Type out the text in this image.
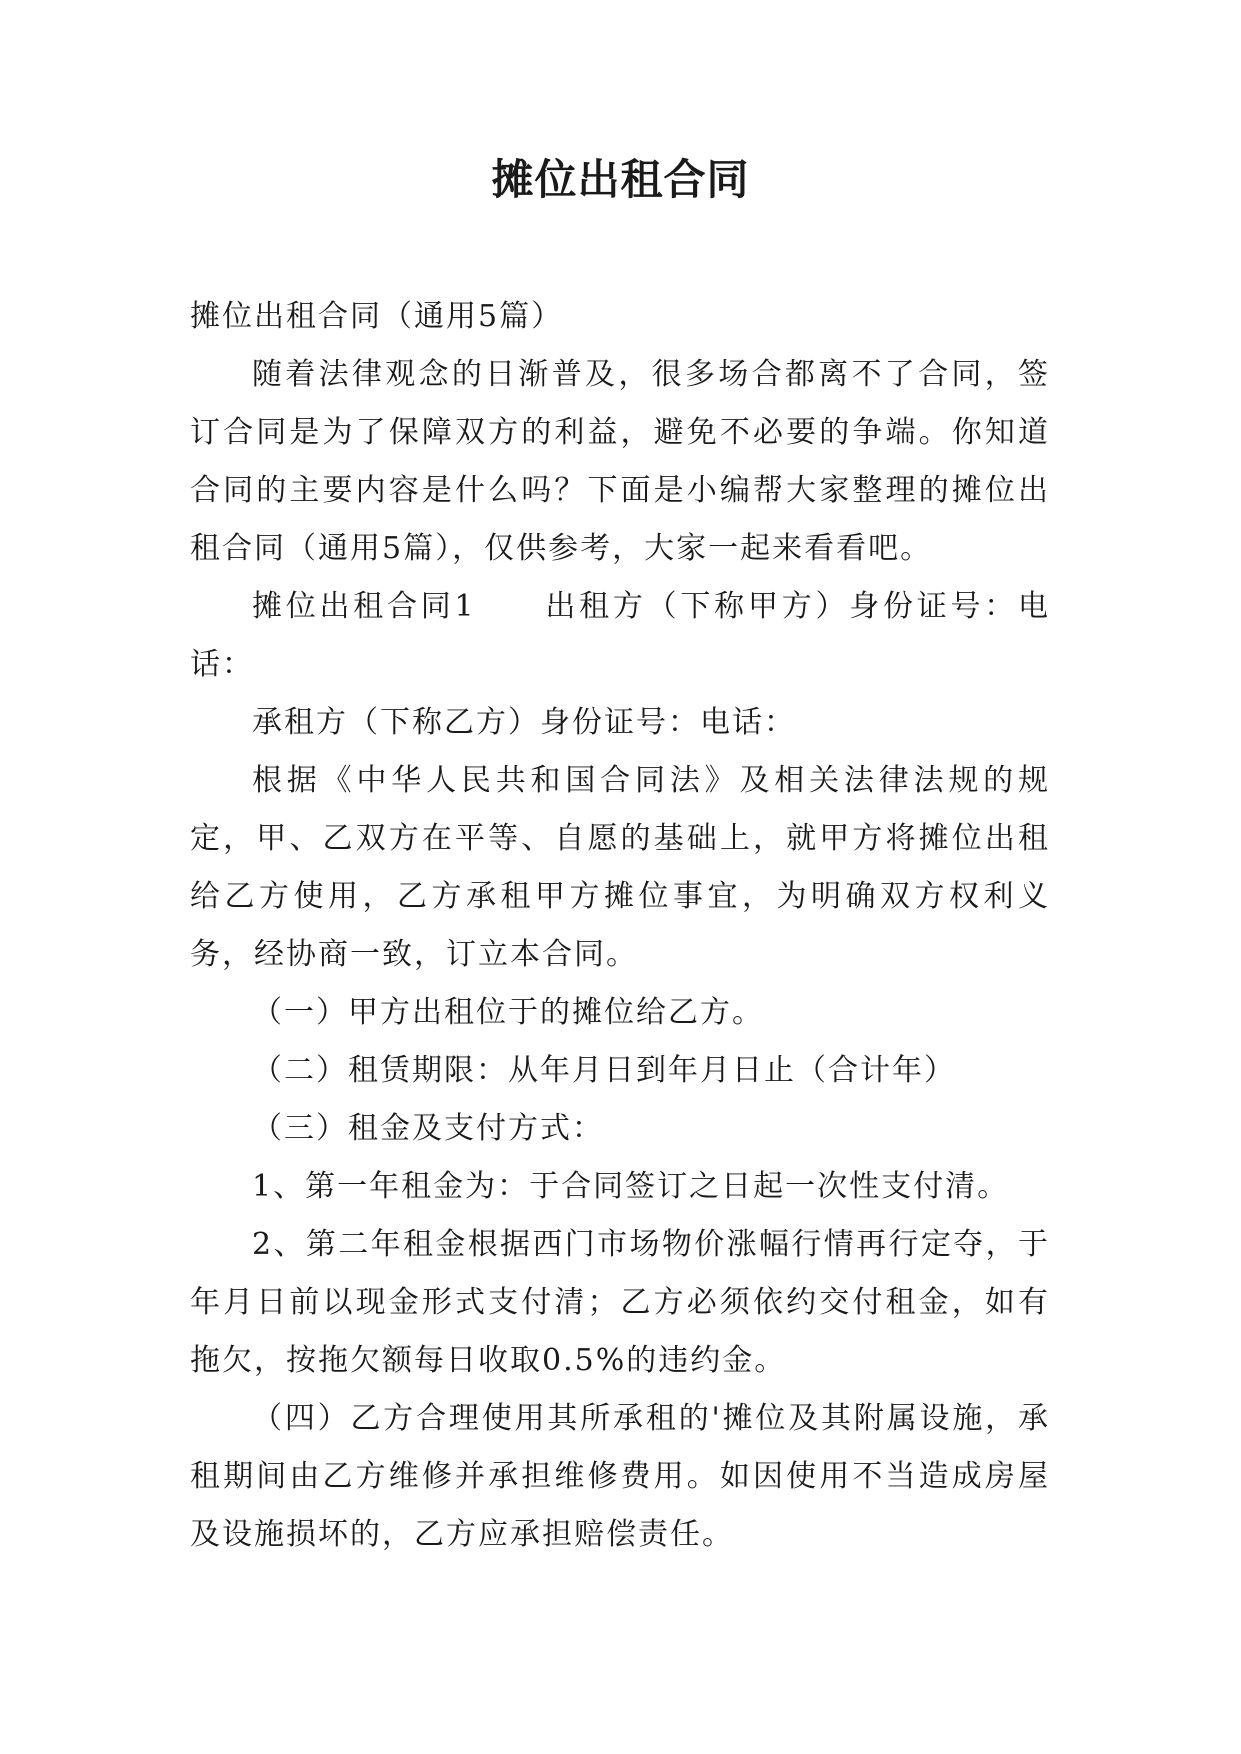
摊位出租合同

摊位出租合同（通用5篇）

随着法律观念的日渐普及，很多场合都离不了合同，签订合同是为了保障双方的利益，避免不必要的争端。你知道合同的主要内容是什么吗？下面是小编帮大家整理的摊位出租合同（通用5篇），仅供参考，大家一起来看看吧。

摊位出租合同1 出租方（下称甲方）身份证号：电话：

承租方（下称乙方）身份证号：电话：

根据《中华人民共和国合同法》及相关法律法规的规定，甲、乙双方在平等、自愿的基础上，就甲方将摊位出租给乙方使用，乙方承租甲方摊位事宜，为明确双方权利义务，经协商一致，订立本合同。

（一）甲方出租位于的摊位给乙方。

（二）租赁期限：从年月日到年月日止（合计年）

（三）租金及支付方式：

1、第一年租金为：于合同签订之日起一次性支付清。

2、第二年租金根据西门市场物价涨幅行情再行定夺，于年月日前以现金形式支付清；乙方必须依约交付租金，如有拖欠，按拖欠额每日收取0.5%的违约金。

（四）乙方合理使用其所承租的'摊位及其附属设施，承租期间由乙方维修并承担维修费用。如因使用不当造成房屋及设施损坏的，乙方应承担赔偿责任。
